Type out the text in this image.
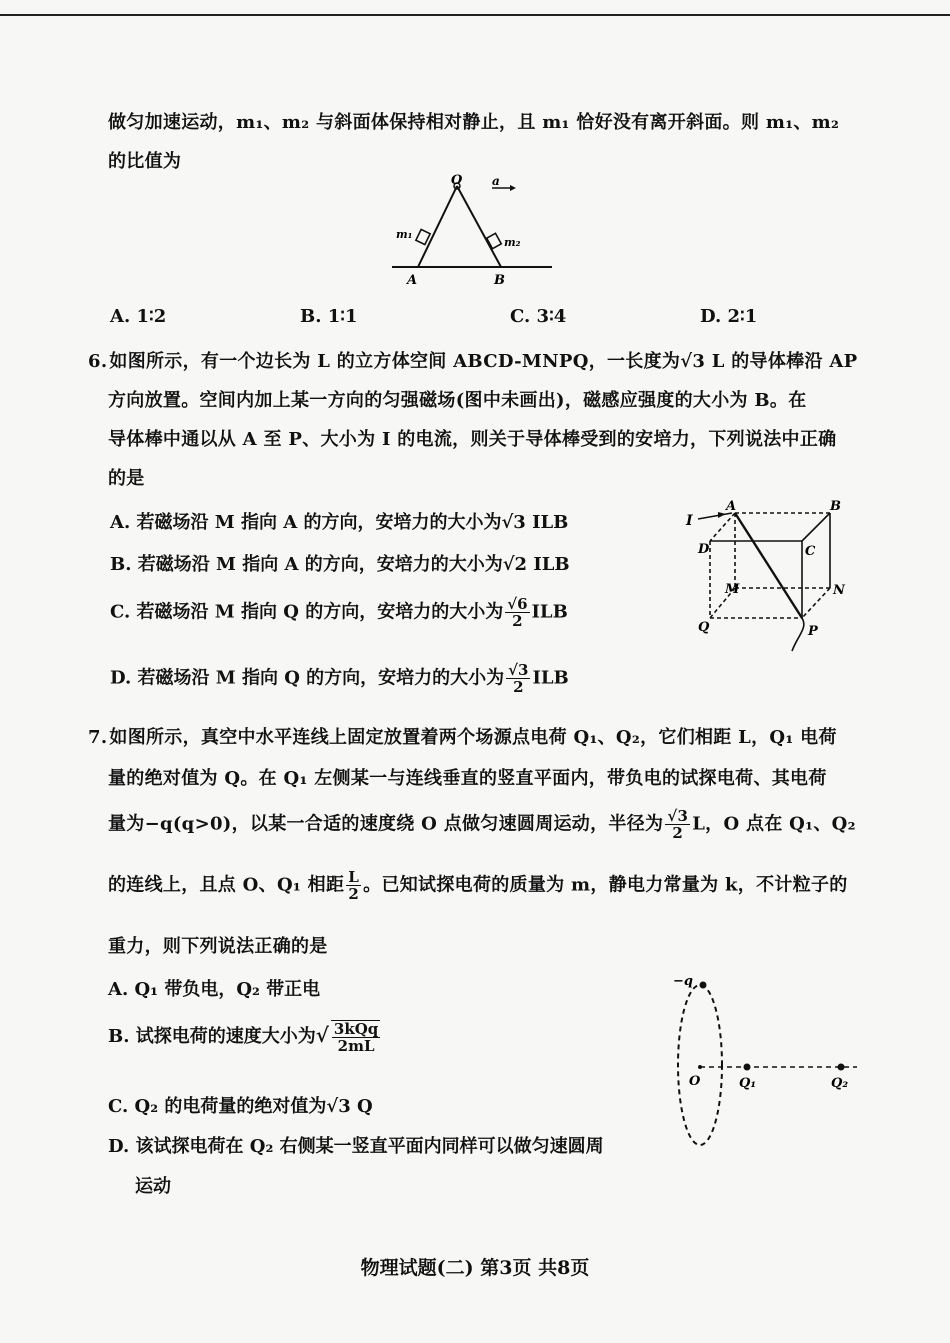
做匀加速运动，m₁、m₂ 与斜面体保持相对静止，且 m₁ 恰好没有离开斜面。则 m₁、m₂
的比值为
O a
m₁
m₂
A	B
A. 1∶2	B. 1∶1	C. 3∶4	D. 2∶1
6. 如图所示，有一个边长为 L 的立方体空间 ABCD-MNPQ，一长度为√3 L 的导体棒沿 AP
方向放置。空间内加上某一方向的匀强磁场(图中未画出)，磁感应强度的大小为 B。在
导体棒中通以从 A 至 P、大小为 I 的电流，则关于导体棒受到的安培力，下列说法中正确
的是
A. 若磁场沿 M 指向 A 的方向，安培力的大小为√3 ILB
B. 若磁场沿 M 指向 A 的方向，安培力的大小为√2 ILB
C. 若磁场沿 M 指向 Q 的方向，安培力的大小为 $\frac{√6}{2}$ ILB
D. 若磁场沿 M 指向 Q 的方向，安培力的大小为 $\frac{√3}{2}$ ILB
I
A	B
C
D
M	N
P
Q
7. 如图所示，真空中水平连线上固定放置着两个场源点电荷 Q₁、Q₂，它们相距 L，Q₁ 电荷
量的绝对值为 Q。在 Q₁ 左侧某一与连线垂直的竖直平面内，带负电的试探电荷、其电荷
量为−q(q>0)，以某一合适的速度绕 O 点做匀速圆周运动，半径为 $\frac{√3}{2}$ L，O 点在 Q₁、Q₂
的连线上，且点 O、Q₁ 相距 $\frac{L}{2}$ 。已知试探电荷的质量为 m，静电力常量为 k，不计粒子的
重力，则下列说法正确的是
A. Q₁ 带负电，Q₂ 带正电
B. 试探电荷的速度大小为√ $\frac{\text{3kQq}}{2mL}$
C. Q₂ 的电荷量的绝对值为√3 Q
D. 该试探电荷在 Q₂ 右侧某一竖直平面内同样可以做匀速圆周
运动
−q
O	Q₁	Q₂
物理试题(二) 第3页 共8页
